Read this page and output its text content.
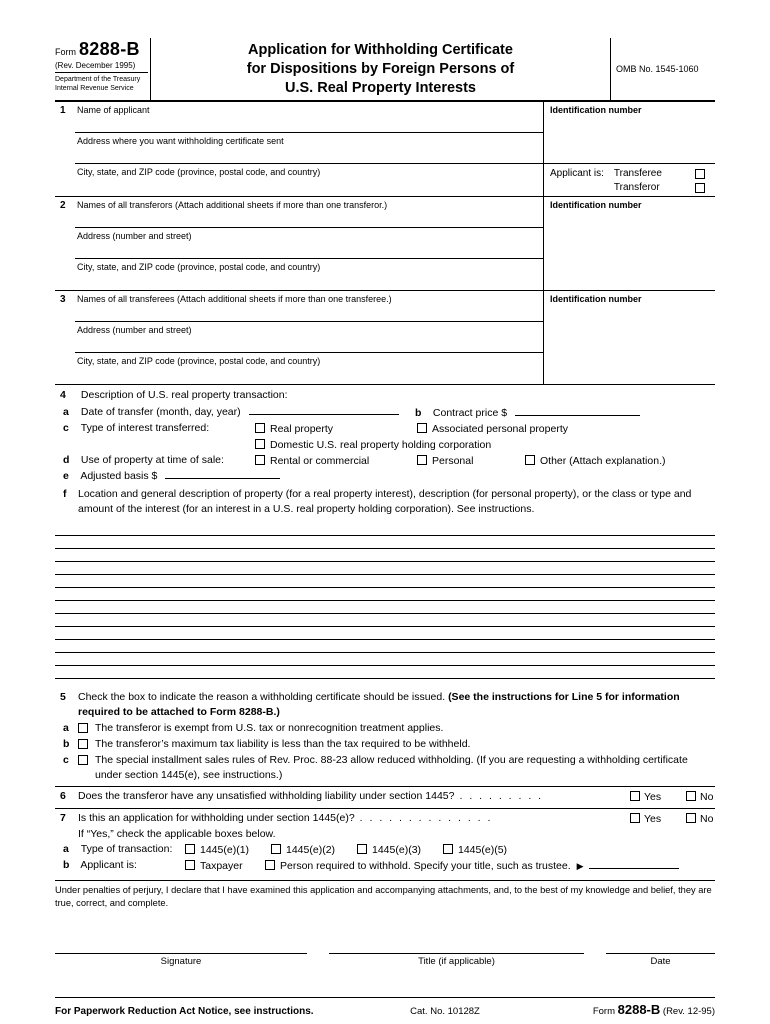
Form 8288-B
(Rev. December 1995)
Department of the Treasury
Internal Revenue Service
Application for Withholding Certificate
for Dispositions by Foreign Persons of
U.S. Real Property Interests
OMB No. 1545-1060
1 Name of applicant
Address where you want withholding certificate sent
City, state, and ZIP code (province, postal code, and country)
Identification number
Applicant is: Transferee
Transferor
2 Names of all transferors (Attach additional sheets if more than one transferor.)
Address (number and street)
City, state, and ZIP code (province, postal code, and country)
Identification number
3 Names of all transferees (Attach additional sheets if more than one transferee.)
Address (number and street)
City, state, and ZIP code (province, postal code, and country)
Identification number
4 Description of U.S. real property transaction:
a Date of transfer (month, day, year)	b Contract price $
c Type of interest transferred:	Real property	Associated personal property
Domestic U.S. real property holding corporation
d Use of property at time of sale:	Rental or commercial	Personal	Other (Attach explanation.)
e Adjusted basis $
f Location and general description of property (for a real property interest), description (for personal property), or the class or type and amount of the interest (for an interest in a U.S. real property holding corporation). See instructions.
5 Check the box to indicate the reason a withholding certificate should be issued. (See the instructions for Line 5 for information required to be attached to Form 8288-B.)
a The transferor is exempt from U.S. tax or nonrecognition treatment applies.
b The transferor’s maximum tax liability is less than the tax required to be withheld.
c The special installment sales rules of Rev. Proc. 88-23 allow reduced withholding. (If you are requesting a withholding certificate under section 1445(e), see instructions.)
6 Does the transferor have any unsatisfied withholding liability under section 1445? . . . . . . . . .	Yes	No
7 Is this an application for withholding under section 1445(e)? . . . . . . . . . . . . . .	Yes	No
If “Yes,” check the applicable boxes below.
a Type of transaction:	1445(e)(1)	1445(e)(2)	1445(e)(3)	1445(e)(5)
b Applicant is:	Taxpayer	Person required to withhold. Specify your title, such as trustee. ▶
Under penalties of perjury, I declare that I have examined this application and accompanying attachments, and, to the best of my knowledge and belief, they are true, correct, and complete.
Signature	Title (if applicable)	Date
For Paperwork Reduction Act Notice, see instructions.	Cat. No. 10128Z	Form 8288-B (Rev. 12-95)
